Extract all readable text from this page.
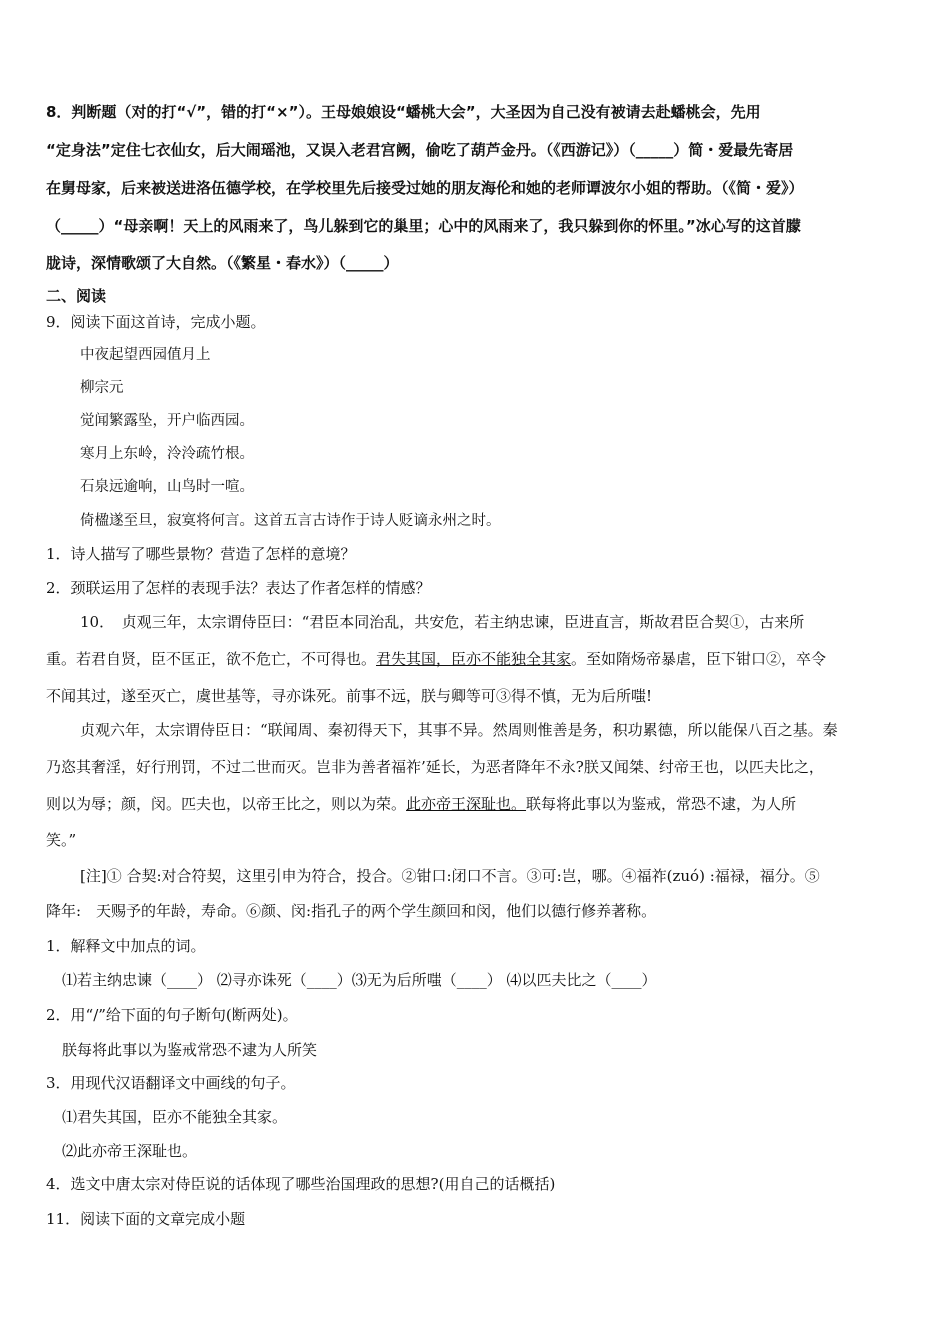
8．判断题（对的打“√”，错的打“×”）。王母娘娘设“蟠桃大会”，大圣因为自己没有被请去赴蟠桃会，先用
“定身法”定住七衣仙女，后大闹瑶池，又误入老君宫阙，偷吃了葫芦金丹。（《西游记》）（_____）简・爱最先寄居
在舅母家，后来被送进洛伍德学校，在学校里先后接受过她的朋友海伦和她的老师谭波尔小姐的帮助。（《简・爱》）
（_____）“母亲啊！天上的风雨来了，鸟儿躲到它的巢里；心中的风雨来了，我只躲到你的怀里。”冰心写的这首朦
胧诗，深情歌颂了大自然。（《繁星・春水》）（_____）
二、阅读
9．阅读下面这首诗，完成小题。
中夜起望西园值月上
柳宗元
觉闻繁露坠，开户临西园。
寒月上东岭，泠泠疏竹根。
石泉远逾响，山鸟时一喧。
倚楹遂至旦，寂寞将何言。这首五言古诗作于诗人贬谪永州之时。
1．诗人描写了哪些景物？营造了怎样的意境？
2．颈联运用了怎样的表现手法？表达了作者怎样的情感？
10．　贞观三年，太宗谓侍臣曰：“君臣本同治乱，共安危，若主纳忠谏，臣进直言，斯故君臣合契①，古来所
重。若君自贤，臣不匡正，欲不危亡，不可得也。君失其国，臣亦不能独全其家。至如隋炀帝暴虐，臣下钳口②，卒令
不闻其过，遂至灭亡，虞世基等，寻亦诛死。前事不远，朕与卿等可③得不慎，无为后所嗤!
贞观六年，太宗谓侍臣日：“联闻周、秦初得天下，其事不异。然周则惟善是务，积功累德，所以能保八百之基。秦
乃恣其奢淫，好行刑罚，不过二世而灭。岂非为善者福祚’延长，为恶者降年不永?朕又闻桀、纣帝王也，以匹夫比之，
则以为辱；颜，闵。匹夫也，以帝王比之，则以为荣。此亦帝王深耻也。联每将此事以为鉴戒，常恐不逮，为人所
笑。”
[注]① 合契:对合符契，这里引申为符合，投合。②钳口:闭口不言。③可:岂，哪。④福祚(zuó) :福禄，福分。⑤
降年:　天赐予的年龄，寿命。⑥颜、闵:指孔子的两个学生颜回和闵，他们以德行修养著称。
1．解释文中加点的词。
⑴若主纳忠谏（____） ⑵寻亦诛死（____）⑶无为后所嗤（____） ⑷以匹夫比之（____）
2．用“/”给下面的句子断句(断两处)。
朕每将此事以为鉴戒常恐不逮为人所笑
3．用现代汉语翻译文中画线的句子。
⑴君失其国，臣亦不能独全其家。
⑵此亦帝王深耻也。
4．选文中唐太宗对侍臣说的话体现了哪些治国理政的思想?(用自己的话概括)
11．阅读下面的文章完成小题
